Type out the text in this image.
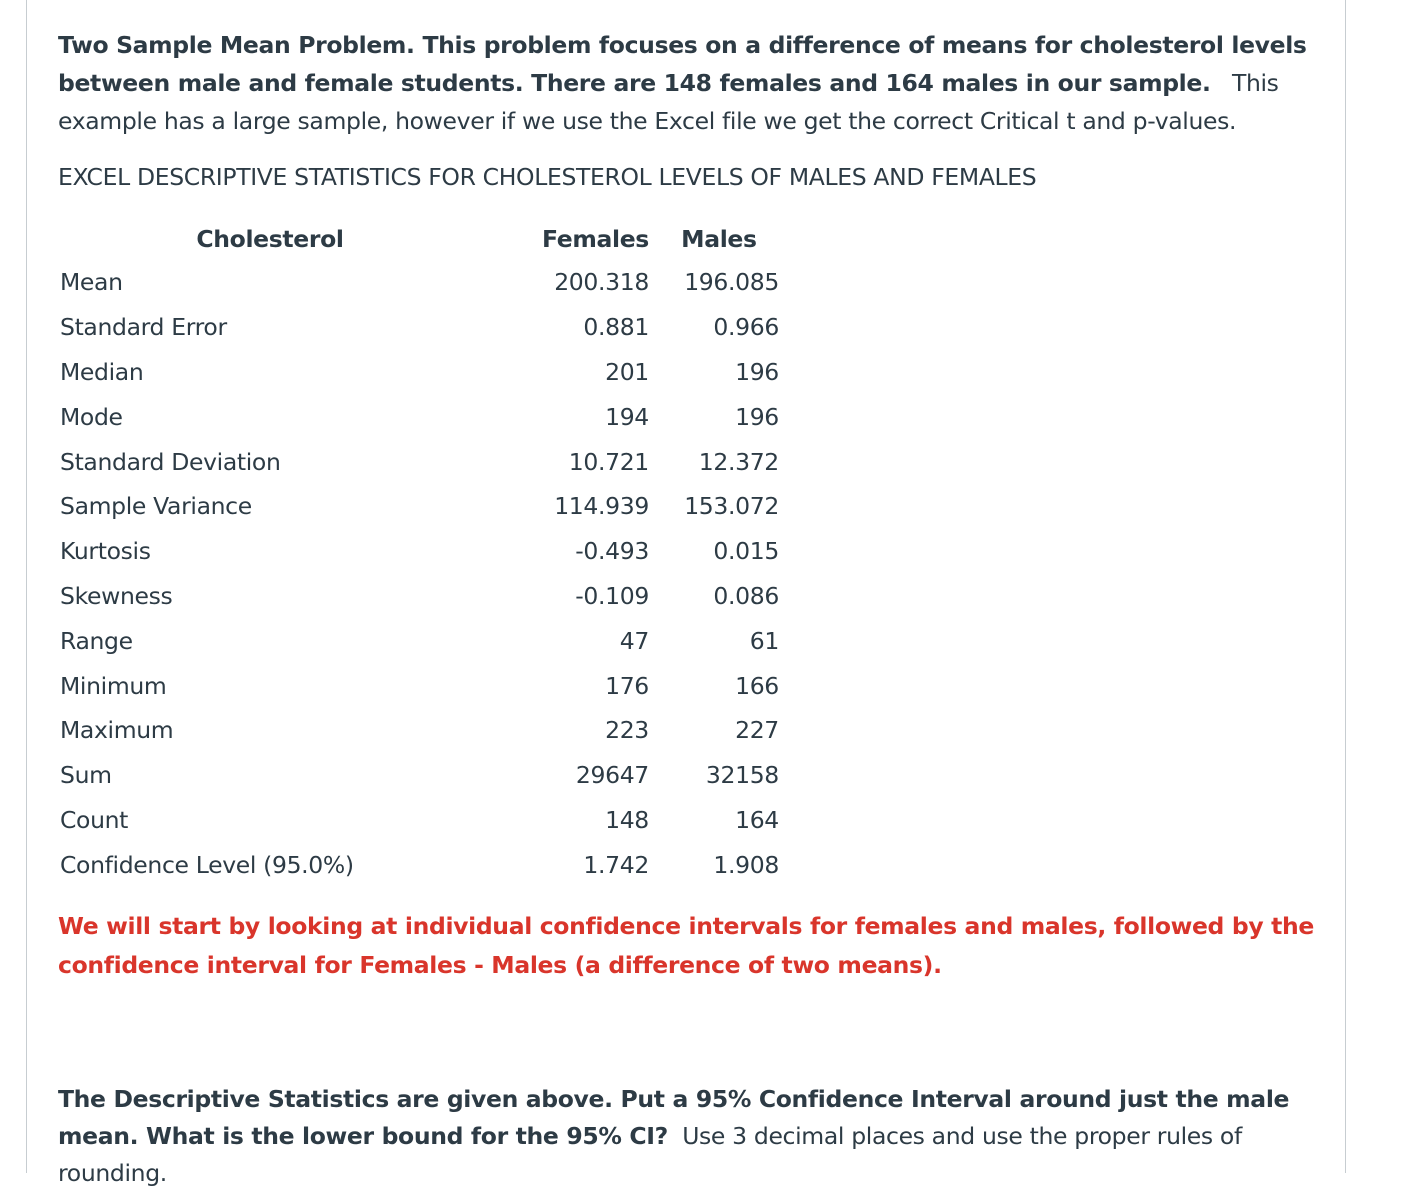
Two Sample Mean Problem. This problem focuses on a difference of means for cholesterol levels between male and female students. There are 148 females and 164 males in our sample. This example has a large sample, however if we use the Excel file we get the correct Critical t and p-values.

EXCEL DESCRIPTIVE STATISTICS FOR CHOLESTEROL LEVELS OF MALES AND FEMALES

Cholesterol	Females	Males
Mean	200.318	196.085
Standard Error	0.881	0.966
Median	201	196
Mode	194	196
Standard Deviation	10.721	12.372
Sample Variance	114.939	153.072
Kurtosis	-0.493	0.015
Skewness	-0.109	0.086
Range	47	61
Minimum	176	166
Maximum	223	227
Sum	29647	32158
Count	148	164
Confidence Level (95.0%)	1.742	1.908

We will start by looking at individual confidence intervals for females and males, followed by the confidence interval for Females - Males (a difference of two means).

The Descriptive Statistics are given above. Put a 95% Confidence Interval around just the male mean. What is the lower bound for the 95% CI? Use 3 decimal places and use the proper rules of rounding.
